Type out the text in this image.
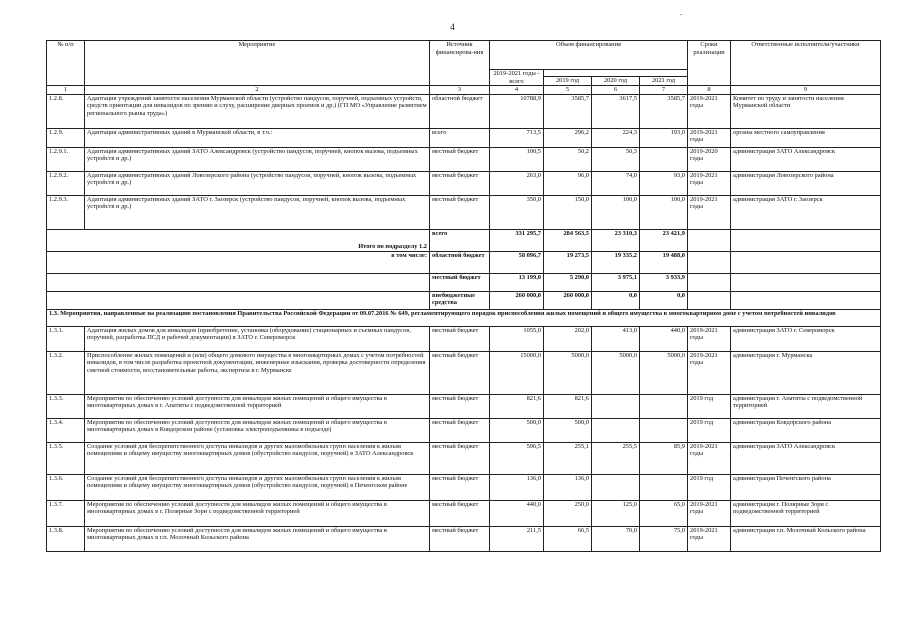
.
4
№ п/п	Мероприятие	Источник финансирова-ния	Объем финансирования				Сроки реализации	Ответственные исполнители/участники
			2019-2021 годы - всего					
				2019 год	2020 год	2021 год		
1	2	3	4	5	6	7	8	9
1.2.8.	Адаптация учреждений занятости населения Мурманской области (устройство пандусов, поручней, подъемных устройств, средств ориентации для инвалидов по зрению и слуху, расширение дверных проемов и др.) (ГП МО «Управление развитием регионального рынка труда»)	областной бюджет	10788,9	3585,7	3617,5	3585,7	2019-2021 годы	Комитет по труду и занятости населения Мурманской области
1.2.9.	Адаптация административных зданий в Мурманской области, в т.ч.:	всего	713,5	296,2	224,3	193,0	2019-2021 годы	органы местного самоуправления
1.2.9.1.	Адаптация административных зданий ЗАТО Александровск (устройство пандусов, поручней, кнопок вызова, подъемных устройств и др.)	местный бюджет	100,5	50,2	50,3		2019-2020 годы	администрация ЗАТО Александровск
1.2.9.2.	Адаптация административных зданий Ловозерского района (устройство пандусов, поручней, кнопок вызова, подъемных устройств и др.)	местный бюджет	263,0	96,0	74,0	93,0	2019-2021 годы	администрация Ловозерского района
1.2.9.3.	Адаптация административных зданий ЗАТО г. Заозерск (устройство пандусов, поручней, кнопок вызова, подъемных устройств и др.)	местный бюджет	350,0	150,0	100,0	100,0	2019-2021 годы	администрация ЗАТО г. Заозерск
Итого по подразделу 1.2		всего	331 295,7	284 563,5	23 310,3	23 421,9		
в том числе:		областной бюджет	58 096,7	19 273,5	19 335,2	19 488,0		
		местный бюджет	13 199,0	5 290,0	3 975,1	3 933,9		
		внебюджетные средства	260 000,0	260 000,0	0,0	0,0		
1.3. Мероприятия, направленные на реализацию постановления Правительства Российской Федерации от 09.07.2016 № 649, регламентирующего порядок приспособления жилых помещений и общего имущества в многоквартирном доме с учетом потребностей инвалидов								
1.3.1.	Адаптация жилых домов для инвалидов (приобретение, установка (оборудование) стационарных и съемных пандусов, поручней, разработка ПСД и рабочей документации) в ЗАТО г. Североморск	местный бюджет	1055,0	202,0	413,0	440,0	2019-2021 годы	администрация ЗАТО г. Североморск
1.3.2.	Приспособление жилых помещений и (или) общего домового имущества в многоквартирных домах с учетом потребностей инвалидов, в том числе разработка проектной документации, инженерные изыскания, проверка достоверности определения сметной стоимости, восстановительные работы, экспертиза в г. Мурманске	местный бюджет	15000,0	5000,0	5000,0	5000,0	2019-2021 годы	администрация г. Мурманска
1.3.3.	Мероприятия по обеспечению условий доступности для инвалидов жилых помещений и общего имущества в многоквартирных домах в г. Апатиты с подведомственной территорией	местный бюджет	821,6	821,6			2019 год	администрация г. Апатиты с подведомственной территорией
1.3.4.	Мероприятия по обеспечению условий доступности для инвалидов жилых помещений и общего имущества в многоквартирных домах в Ковдорском районе (установка электроподъемника в подъезде)	местный бюджет	500,0	500,0			2019 год	администрация Ковдорского района
1.3.5.	Создание условий для беспрепятственного доступа инвалидов и других маломобильных групп населения к жилым помещениям и общему имуществу многоквартирных домов (обустройство пандусов, поручней) в ЗАТО Александровск	местный бюджет	596,5	255,1	255,5	85,9	2019-2021 годы	администрация ЗАТО Александровск
1.3.6.	Создание условий для беспрепятственного доступа инвалидов и других маломобильных групп населения к жилым помещениям и общему имуществу многоквартирных домов (обустройство пандусов, поручней) в Печенгском районе	местный бюджет	136,0	136,0			2019 год	администрация Печенгского района
1.3.7.	Мероприятия по обеспечению условий доступности для инвалидов жилых помещений и общего имущества в многоквартирных домах в г. Полярные Зори с подведомственной территорией	местный бюджет	440,0	250,0	125,0	65,0	2019-2021 годы	администрация г. Полярные Зори с подведомственной территорией
1.3.8.	Мероприятия по обеспечению условий доступности для инвалидов жилых помещений и общего имущества в многоквартирных домах в г.п. Молочный Кольского района	местный бюджет	211,5	66,5	70,0	75,0	2019-2021 годы	администрация г.п. Молочный Кольского района
